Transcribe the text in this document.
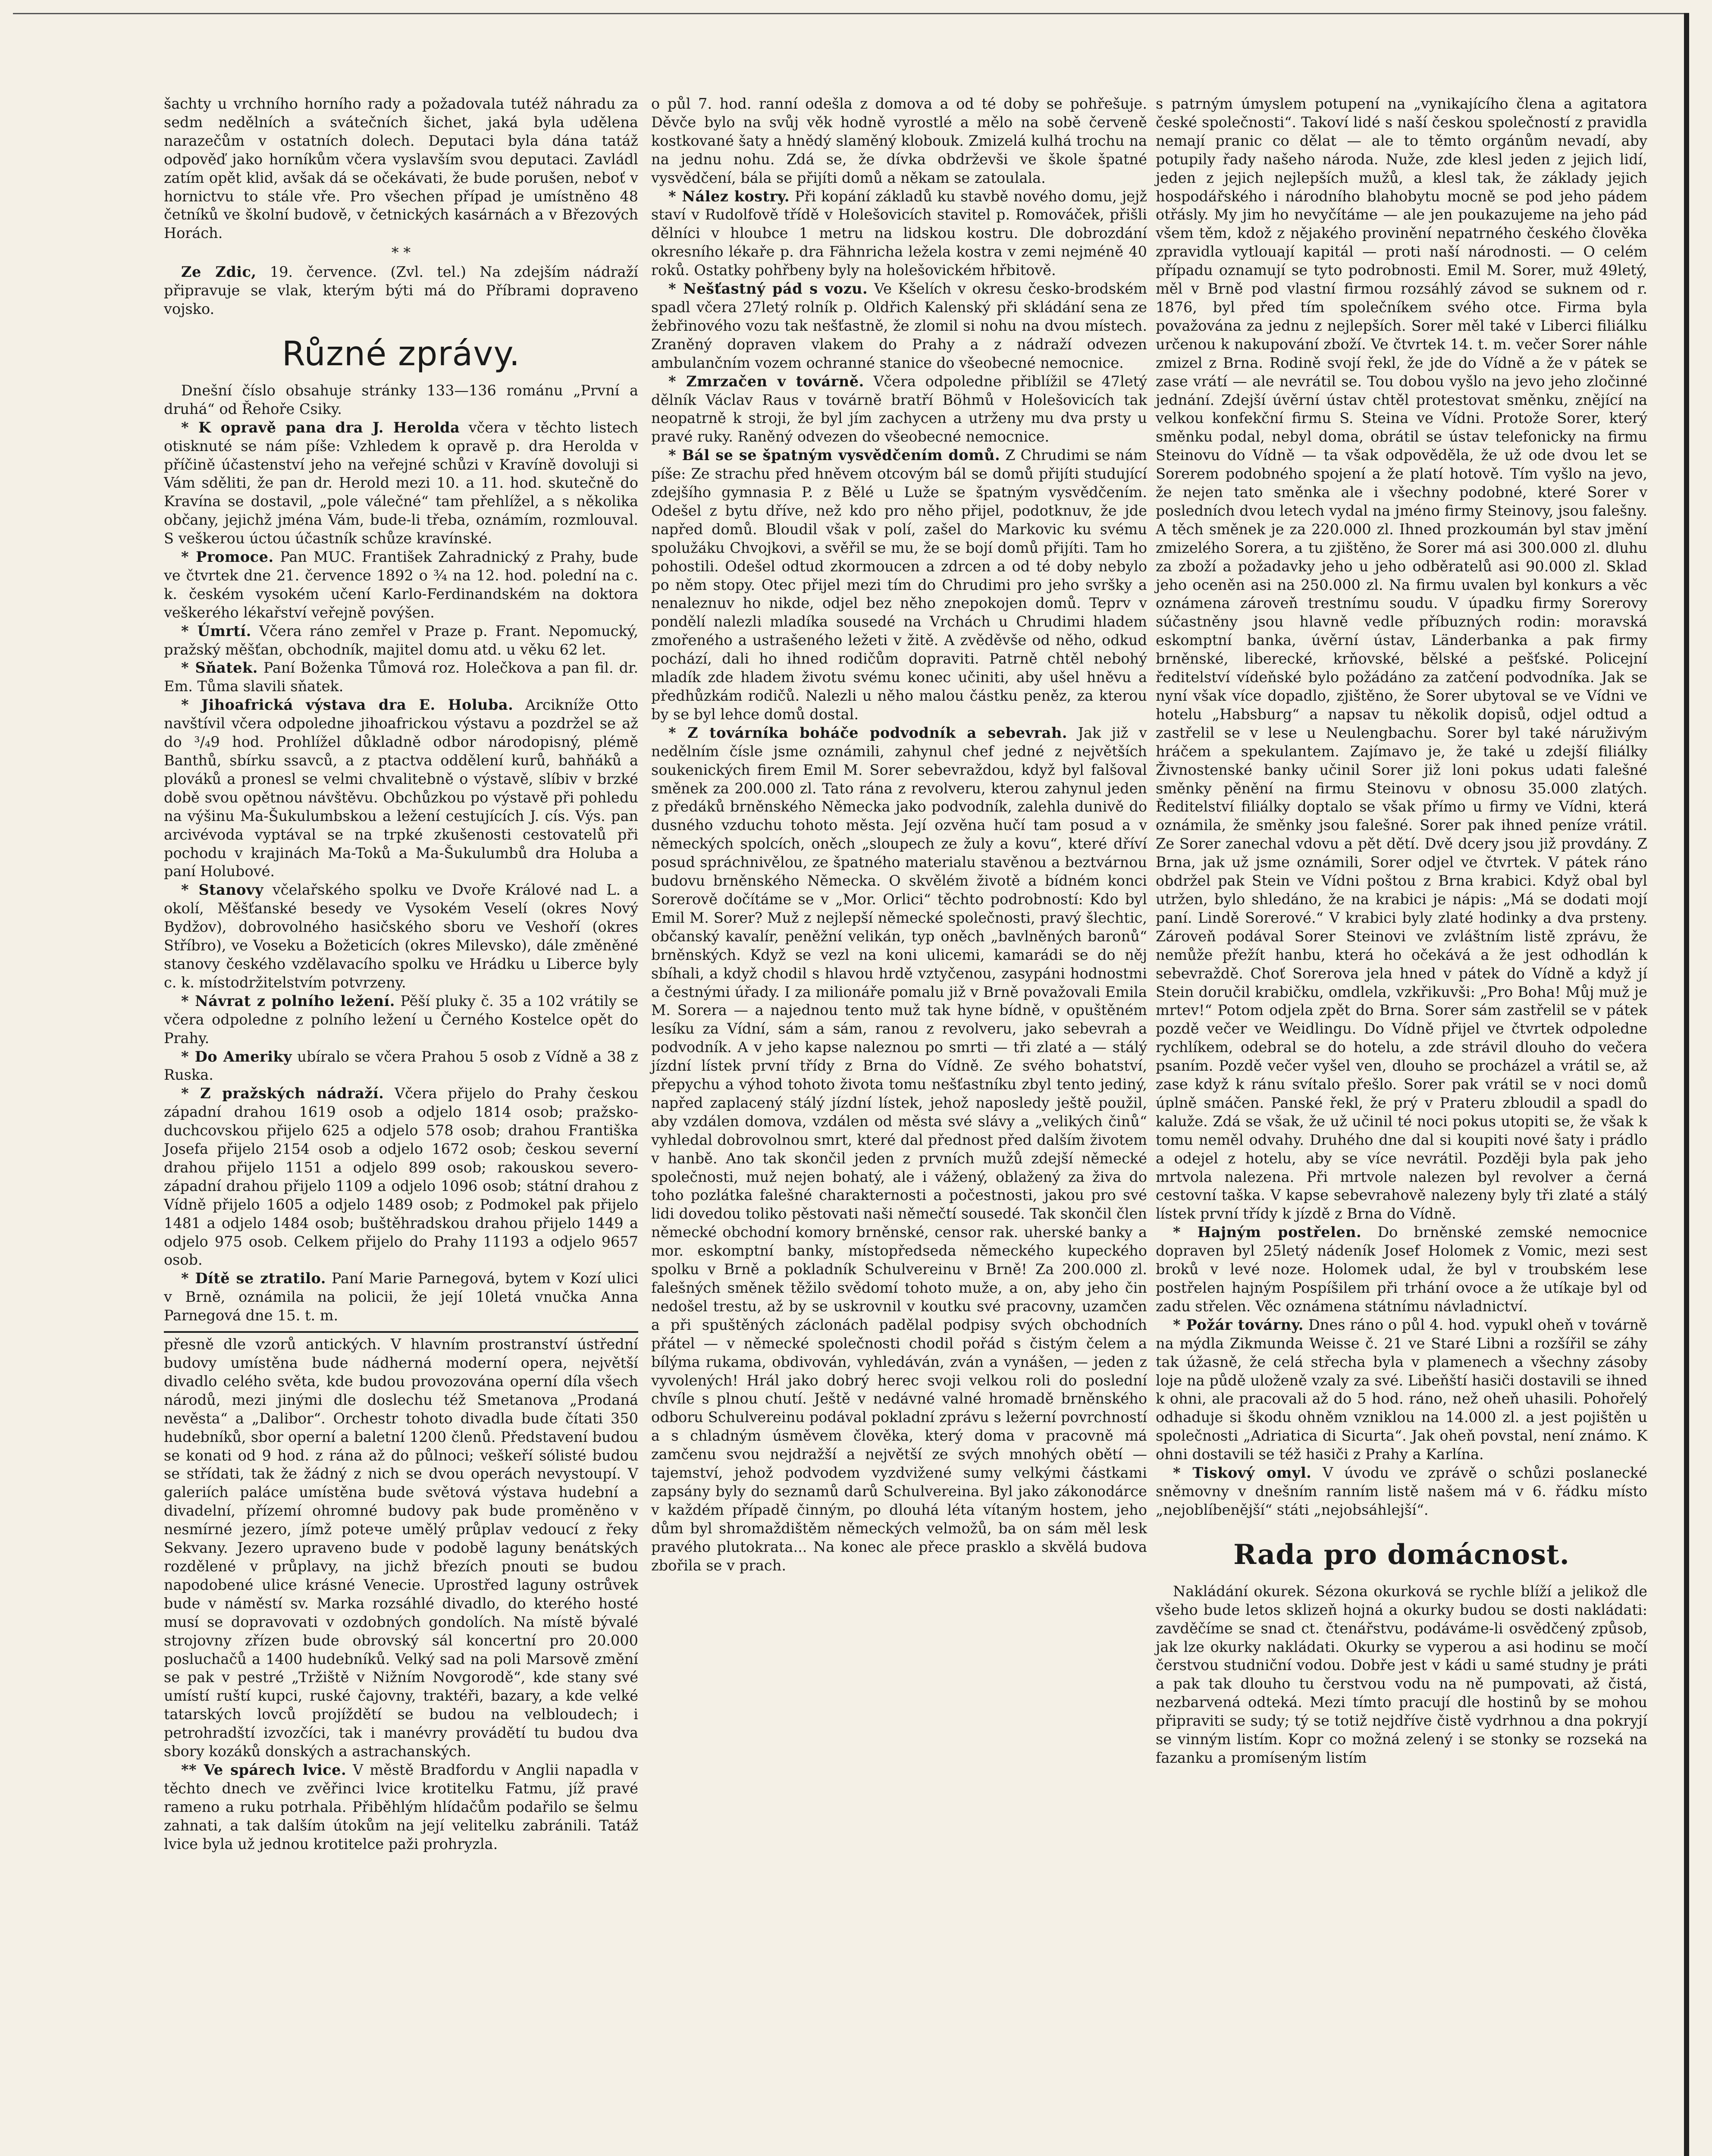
šachty u vrchního horního rady a požadovala tutéž náhradu za sedm nedělních a svátečních šichet, jaká byla udělena narazečům v ostatních dolech. Deputaci byla dána tatáž odpověď jako horníkům včera vyslavším svou deputaci. Zavládl zatím opět klid, avšak dá se očekávati, že bude porušen, neboť v hornictvu to stále vře. Pro všechen případ je umístněno 48 četníků ve školní budově, v četnických kasárnách a v Březových Horách.

* *

Ze Zdic, 19. července. (Zvl. tel.) Na zdejším nádraží připravuje se vlak, kterým býti má do Příbrami dopraveno vojsko.

Různé zprávy.

Dnešní číslo obsahuje stránky 133—136 románu „První a druhá“ od Řehoře Csiky.

* K opravě pana dra J. Herolda včera v těchto listech otisknuté se nám píše: Vzhledem k opravě p. dra Herolda v příčině účastenství jeho na veřejné schůzi v Kravíně dovoluji si Vám sděliti, že pan dr. Herold mezi 10. a 11. hod. skutečně do Kravína se dostavil, „pole válečné“ tam přehlížel, a s několika občany, jejichž jména Vám, bude-li třeba, oznámím, rozmlouval. S veškerou úctou účastník schůze kravínské.

* Promoce. Pan MUC. František Zahradnický z Prahy, bude ve čtvrtek dne 21. července 1892 o ¾ na 12. hod. polední na c. k. českém vysokém učení Karlo-Ferdinandském na doktora veškerého lékařství veřejně povýšen.

* Úmrtí. Včera ráno zemřel v Praze p. Frant. Nepomucký, pražský měšťan, obchodník, majitel domu atd. u věku 62 let.

* Sňatek. Paní Boženka Tůmová roz. Holečkova a pan fil. dr. Em. Tůma slavili sňatek.

* Jihoafrická výstava dra E. Holuba. Arcikníže Otto navštívil včera odpoledne jihoafrickou výstavu a pozdržel se až do ³/₄9 hod. Prohlížel důkladně odbor národopisný, plémě Banthů, sbírku ssavců, a z ptactva oddělení kurů, bahňáků a plováků a pronesl se velmi chvalitebně o výstavě, slíbiv v brzké době svou opětnou návštěvu. Obchůzkou po výstavě při pohledu na výšinu Ma-Šukulumbskou a ležení cestujících J. cís. Výs. pan arcivévoda vyptával se na trpké zkušenosti cestovatelů při pochodu v krajinách Ma-Toků a Ma-Šukulumbů dra Holuba a paní Holubové.

* Stanovy včelařského spolku ve Dvoře Králové nad L. a okolí, Měšťanské besedy ve Vysokém Veselí (okres Nový Bydžov), dobrovolného hasičského sboru ve Veshoří (okres Stříbro), ve Voseku a Božeticích (okres Milevsko), dále změněné stanovy českého vzdělavacího spolku ve Hrádku u Liberce byly c. k. místodržitelstvím potvrzeny.

* Návrat z polního ležení. Pěší pluky č. 35 a 102 vrátily se včera odpoledne z polního ležení u Černého Kostelce opět do Prahy.

* Do Ameriky ubíralo se včera Prahou 5 osob z Vídně a 38 z Ruska.

* Z pražských nádraží. Včera přijelo do Prahy českou západní drahou 1619 osob a odjelo 1814 osob; pražsko-duchcovskou přijelo 625 a odjelo 578 osob; drahou Františka Josefa přijelo 2154 osob a odjelo 1672 osob; českou severní drahou přijelo 1151 a odjelo 899 osob; rakouskou severo-západní drahou přijelo 1109 a odjelo 1096 osob; státní drahou z Vídně přijelo 1605 a odjelo 1489 osob; z Podmokel pak přijelo 1481 a odjelo 1484 osob; buštěhradskou drahou přijelo 1449 a odjelo 975 osob. Celkem přijelo do Prahy 11193 a odjelo 9657 osob.

* Dítě se ztratilo. Paní Marie Parnegová, bytem v Kozí ulici v Brně, oznámila na policii, že její 10letá vnučka Anna Parnegová dne 15. t. m.

přesně dle vzorů antických. V hlavním prostranství ústřední budovy umístěna bude nádherná moderní opera, největší divadlo celého světa, kde budou provozována operní díla všech národů, mezi jinými dle doslechu též Smetanova „Prodaná nevěsta“ a „Dalibor“. Orchestr tohoto divadla bude čítati 350 hudebníků, sbor operní a baletní 1200 členů. Představení budou se konati od 9 hod. z rána až do půlnoci; veškeří sólisté budou se střídati, tak že žádný z nich se dvou operách nevystoupí. V galeriích paláce umístěna bude světová výstava hudební a divadelní, přízemí ohromné budovy pak bude proměněno v nesmírné jezero, jímž potече umělý průplav vedoucí z řeky Sekvany. Jezero upraveno bude v podobě laguny benátských rozdělené v průplavy, na jichž březích pnouti se budou napodobené ulice krásné Venecie. Uprostřed laguny ostrůvek bude v náměstí sv. Marka rozsáhlé divadlo, do kterého hosté musí se dopravovati v ozdobných gondolích. Na místě bývalé strojovny zřízen bude obrovský sál koncertní pro 20.000 posluchačů a 1400 hudebníků. Velký sad na poli Marsově změní se pak v pestré „Tržiště v Nižním Novgorodě“, kde stany své umístí ruští kupci, ruské čajovny, traktéři, bazary, a kde velké tatarských lovců projíždětí se budou na velbloudech; i petrohradští izvozčíci, tak i manévry provádětí tu budou dva sbory kozáků donských a astrachanských.

** Ve spárech lvice. V městě Bradfordu v Anglii napadla v těchto dnech ve zvěřinci lvice krotitelku Fatmu, jíž pravé rameno a ruku potrhala. Přiběhlým hlídačům podařilo se šelmu zahnati, a tak dalším útokům na její velitelku zabránili. Tatáž lvice byla už jednou krotitelce paži prohryzla.

o půl 7. hod. ranní odešla z domova a od té doby se pohřešuje. Děvče bylo na svůj věk hodně vyrostlé a mělo na sobě červeně kostkované šaty a hnědý slaměný klobouk. Zmizelá kulhá trochu na na jednu nohu. Zdá se, že dívka obdrževši ve škole špatné vysvědčení, bála se přijíti domů a někam se zatoulala.

* Nález kostry. Při kopání základů ku stavbě nového domu, jejž staví v Rudolfově třídě v Holešovicích stavitel p. Romováček, přišli dělníci v hloubce 1 metru na lidskou kostru. Dle dobrozdání okresního lékaře p. dra Fähnricha ležela kostra v zemi nejméně 40 roků. Ostatky pohřbeny byly na holešovickém hřbitově.

* Nešťastný pád s vozu. Ve Kšelích v okresu česko-brodském spadl včera 27letý rolník p. Oldřich Kalenský při skládání sena ze žebřinového vozu tak nešťastně, že zlomil si nohu na dvou místech. Zraněný dopraven vlakem do Prahy a z nádraží odvezen ambulančním vozem ochranné stanice do všeobecné nemocnice.

* Zmrzačen v továrně. Včera odpoledne přiblížil se 47letý dělník Václav Raus v továrně bratří Böhmů v Holešovicích tak neopatrně k stroji, že byl jím zachycen a utrženy mu dva prsty u pravé ruky. Raněný odvezen do všeobecné nemocnice.

* Bál se se špatným vysvědčením domů. Z Chrudimi se nám píše: Ze strachu před hněvem otcovým bál se domů přijíti studující zdejšího gymnasia P. z Bělé u Luže se špatným vysvědčením. Odešel z bytu dříve, než kdo pro něho přijel, podotknuv, že jde napřed domů. Bloudil však v polí, zašel do Markovic ku svému spolužáku Chvojkovi, a svěřil se mu, že se bojí domů přijíti. Tam ho pohostili. Odešel odtud zkormoucen a zdrcen a od té doby nebylo po něm stopy. Otec přijel mezi tím do Chrudimi pro jeho svršky a nenaleznuv ho nikde, odjel bez něho znepokojen domů. Teprv v pondělí nalezli mladíka sousedé na Vrchách u Chrudimi hladem zmořeného a ustrašeného ležeti v žitě. A zvěděvše od něho, odkud pochází, dali ho ihned rodičům dopraviti. Patrně chtěl nebohý mladík zde hladem životu svému konec učiniti, aby ušel hněvu a předhůzkám rodičů. Nalezli u něho malou částku peněz, za kterou by se byl lehce domů dostal.

* Z továrníka boháče podvodník a sebevrah. Jak již v nedělním čísle jsme oznámili, zahynul chef jedné z největších soukenických firem Emil M. Sorer sebevraždou, když byl falšoval směnek za 200.000 zl. Tato rána z revolveru, kterou zahynul jeden z předáků brněnského Německa jako podvodník, zalehla dunivě do dusného vzduchu tohoto města. Její ozvěna hučí tam posud a v německých spolcích, oněch „sloupech ze žuly a kovu“, které dříví posud spráchnivělou, ze špatného materialu stavěnou a beztvárnou budovu brněnského Německa. O skvělém životě a bídném konci Sorerově dočítáme se v „Mor. Orlici“ těchto podrobností: Kdo byl Emil M. Sorer? Muž z nejlepší německé společnosti, pravý šlechtic, občanský kavalír, peněžní velikán, typ oněch „bavlněných baronů“ brněnských. Když se vezl na koni ulicemi, kamarádi se do něj sbíhali, a když chodil s hlavou hrdě vztyčenou, zasypáni hodnostmi a čestnými úřady. I za milionáře pomalu již v Brně považovali Emila M. Sorera — a najednou tento muž tak hyne bídně, v opuštěném lesíku za Vídní, sám a sám, ranou z revolveru, jako sebevrah a podvodník. A v jeho kapse naleznou po smrti — tři zlaté a — stálý jízdní lístek první třídy z Brna do Vídně. Ze svého bohatství, přepychu a výhod tohoto života tomu nešťastníku zbyl tento jediný, napřed zaplacený stálý jízdní lístek, jehož naposledy ještě použil, aby vzdálen domova, vzdálen od města své slávy a „velikých činů“ vyhledal dobrovolnou smrt, které dal přednost před dalším životem v hanbě. Ano tak skončil jeden z prvních mužů zdejší německé společnosti, muž nejen bohatý, ale i vážený, oblažený za živa do toho pozlátka falešné charakternosti a počestnosti, jakou pro své lidi dovedou toliko pěstovati naši němečtí sousedé. Tak skončil člen německé obchodní komory brněnské, censor rak. uherské banky a mor. eskomptní banky, místopředseda německého kupeckého spolku v Brně a pokladník Schulvereinu v Brně! Za 200.000 zl. falešných směnek těžilo svědomí tohoto muže, a on, aby jeho čin nedošel trestu, až by se uskrovnil v koutku své pracovny, uzamčen a při spuštěných záclonách padělal podpisy svých obchodních přátel — v německé společnosti chodil pořád s čistým čelem a bílýma rukama, obdivován, vyhledáván, zván a vynášen, — jeden z vyvolených! Hrál jako dobrý herec svoji velkou roli do poslední chvíle s plnou chutí. Ještě v nedávné valné hromadě brněnského odboru Schulvereinu podával pokladní zprávu s ležerní povrchností a s chladným úsměvem člověka, který doma v pracovně má zamčenu svou nejdražší a největší ze svých mnohých obětí — tajemství, jehož podvodem vyzdvižené sumy velkými částkami zapsány byly do seznamů darů Schulvereina. Byl jako zákonodárce v každém případě činným, po dlouhá léta vítaným hostem, jeho dům byl shromaždištěm německých velmožů, ba on sám měl lesk pravého plutokrata... Na konec ale přece prasklo a skvělá budova zbořila se v prach.

s patrným úmyslem potupení na „vynikajícího člena a agitatora české společnosti“. Takoví lidé s naší českou společností z pravidla nemají pranic co dělat — ale to těmto orgánům nevadí, aby potupily řady našeho národa. Nuže, zde klesl jeden z jejich lidí, jeden z jejich nejlepších mužů, a klesl tak, že základy jejich hospodářského i národního blahobytu mocně se pod jeho pádem otřásly. My jim ho nevyčítáme — ale jen poukazujeme na jeho pád všem těm, kdož z nějakého provinění nepatrného českého člověka zpravidla vytlouají kapitál — proti naší národnosti. — O celém případu oznamují se tyto podrobnosti. Emil M. Sorer, muž 49letý, měl v Brně pod vlastní firmou rozsáhlý závod se suknem od r. 1876, byl před tím společníkem svého otce. Firma byla považována za jednu z nejlepších. Sorer měl také v Liberci filiálku určenou k nakupování zboží. Ve čtvrtek 14. t. m. večer Sorer náhle zmizel z Brna. Rodině svojí řekl, že jde do Vídně a že v pátek se zase vrátí — ale nevrátil se. Tou dobou vyšlo na jevo jeho zločinné jednání. Zdejší úvěrní ústav chtěl protestovat směnku, znějící na velkou konfekční firmu S. Steina ve Vídni. Protože Sorer, který směnku podal, nebyl doma, obrátil se ústav telefonicky na firmu Steinovu do Vídně — ta však odpověděla, že už ode dvou let se Sorerem podobného spojení a že platí hotově. Tím vyšlo na jevo, že nejen tato směnka ale i všechny podobné, které Sorer v posledních dvou letech vydal na jméno firmy Steinovy, jsou falešny. A těch směnek je za 220.000 zl. Ihned prozkoumán byl stav jmění zmizelého Sorera, a tu zjištěno, že Sorer má asi 300.000 zl. dluhu za zboží a požadavky jeho u jeho odběratelů asi 90.000 zl. Sklad jeho oceněn asi na 250.000 zl. Na firmu uvalen byl konkurs a věc oznámena zároveň trestnímu soudu. V úpadku firmy Sorerovy súčastněny jsou hlavně vedle příbuzných rodin: moravská eskomptní banka, úvěrní ústav, Länderbanka a pak firmy brněnské, liberecké, krňovské, bělské a pešťské. Policejní ředitelství vídeňské bylo požádáno za zatčení podvodníka. Jak se nyní však více dopadlo, zjištěno, že Sorer ubytoval se ve Vídni ve hotelu „Habsburg“ a napsav tu několik dopisů, odjel odtud a zastřelil se v lese u Neulengbachu. Sorer byl také náruživým hráčem a spekulantem. Zajímavo je, že také u zdejší filiálky Živnostenské banky učinil Sorer již loni pokus udati falešné směnky pěnění na firmu Steinovu v obnosu 35.000 zlatých. Ředitelství filiálky doptalo se však přímo u firmy ve Vídni, která oznámila, že směnky jsou falešné. Sorer pak ihned peníze vrátil. Ze Sorer zanechal vdovu a pět dětí. Dvě dcery jsou již provdány. Z Brna, jak už jsme oznámili, Sorer odjel ve čtvrtek. V pátek ráno obdržel pak Stein ve Vídni poštou z Brna krabici. Když obal byl utržen, bylo shledáno, že na krabici je nápis: „Má se dodati mojí paní. Lindě Sorerové.“ V krabici byly zlaté hodinky a dva prsteny. Zároveň podával Sorer Steinovi ve zvláštním listě zprávu, že nemůže přežít hanbu, která ho očekává a že jest odhodlán k sebevraždě. Choť Sorerova jela hned v pátek do Vídně a když jí Stein doručil krabičku, omdlela, vzkřikuvši: „Pro Boha! Můj muž je mrtev!“ Potom odjela zpět do Brna. Sorer sám zastřelil se v pátek pozdě večer ve Weidlingu. Do Vídně přijel ve čtvrtek odpoledne rychlíkem, odebral se do hotelu, a zde strávil dlouho do večera psaním. Pozdě večer vyšel ven, dlouho se procházel a vrátil se, až zase když k ránu svítalo přešlo. Sorer pak vrátil se v noci domů úplně smáčen. Panské řekl, že prý v Prateru zbloudil a spadl do kaluže. Zdá se však, že už učinil té noci pokus utopiti se, že však k tomu neměl odvahy. Druhého dne dal si koupiti nové šaty i prádlo a odejel z hotelu, aby se více nevrátil. Později byla pak jeho mrtvola nalezena. Při mrtvole nalezen byl revolver a černá cestovní taška. V kapse sebevrahově nalezeny byly tři zlaté a stálý lístek první třídy k jízdě z Brna do Vídně.

* Hajným postřelen. Do brněnské zemské nemocnice dopraven byl 25letý nádeník Josef Holomek z Vomic, mezi sest broků v levé noze. Holomek udal, že byl v troubském lese postřelen hajným Pospíšilem při trhání ovoce a že utíkaje byl od zadu střelen. Věc oznámena státnímu návladnictví.

* Požár továrny. Dnes ráno o půl 4. hod. vypukl oheň v továrně na mýdla Zikmunda Weisse č. 21 ve Staré Libni a rozšířil se záhy tak úžasně, že celá střecha byla v plamenech a všechny zásoby loje na půdě uloženě vzaly za své. Libeňští hasiči dostavili se ihned k ohni, ale pracovali až do 5 hod. ráno, než oheň uhasili. Pohořelý odhaduje si škodu ohněm vzniklou na 14.000 zl. a jest pojištěn u společnosti „Adriatica di Sicurta“. Jak oheň povstal, není známo. K ohni dostavili se též hasiči z Prahy a Karlína.

* Tiskový omyl. V úvodu ve zprávě o schůzi poslanecké sněmovny v dnešním ranním listě našem má v 6. řádku místo „nejoblíbenější“ státi „nejobsáhlejší“.

Rada pro domácnost.

Nakládání okurek. Sézona okurková se rychle blíží a jelikož dle všeho bude letos sklizeň hojná a okurky budou se dosti nakládati: zavděčíme se snad ct. čtenářstvu, podáváme-li osvědčený způsob, jak lze okurky nakládati. Okurky se vyperou a asi hodinu se močí čerstvou studniční vodou. Dobře jest v kádi u samé studny je práti a pak tak dlouho tu čerstvou vodu na ně pumpovati, až čistá, nezbarvená odteká. Mezi tímto pracují dle hostinů by se mohou připraviti se sudy; tý se totiž nejdříve čistě vydrhnou a dna pokryjí se vinným listím. Kopr co možná zelený i se stonky se rozseká na fazanku a promíseným listím
